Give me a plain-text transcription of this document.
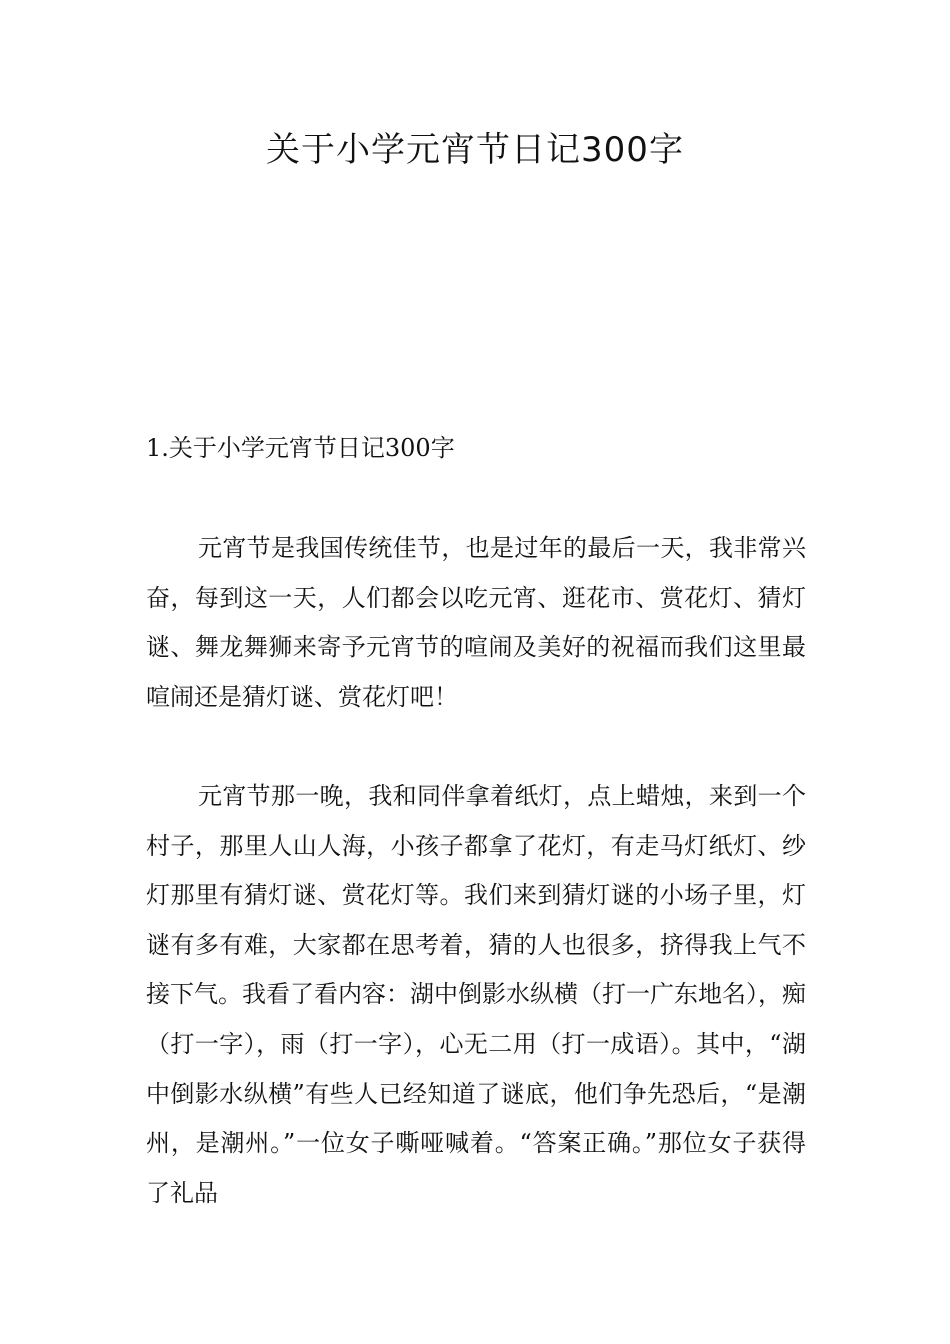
关于小学元宵节日记300字
1.关于小学元宵节日记300字

元宵节是我国传统佳节，也是过年的最后一天，我非常兴奋，每到这一天，人们都会以吃元宵、逛花市、赏花灯、猜灯谜、舞龙舞狮来寄予元宵节的喧闹及美好的祝福而我们这里最喧闹还是猜灯谜、赏花灯吧！

元宵节那一晚，我和同伴拿着纸灯，点上蜡烛，来到一个村子，那里人山人海，小孩子都拿了花灯，有走马灯纸灯、纱灯那里有猜灯谜、赏花灯等。我们来到猜灯谜的小场子里，灯谜有多有难，大家都在思考着，猜的人也很多，挤得我上气不接下气。我看了看内容：湖中倒影水纵横（打一广东地名），痴（打一字），雨（打一字），心无二用（打一成语）。其中，“湖中倒影水纵横”有些人已经知道了谜底，他们争先恐后，“是潮州，是潮州。”一位女子嘶哑喊着。“答案正确。”那位女子获得了礼品
